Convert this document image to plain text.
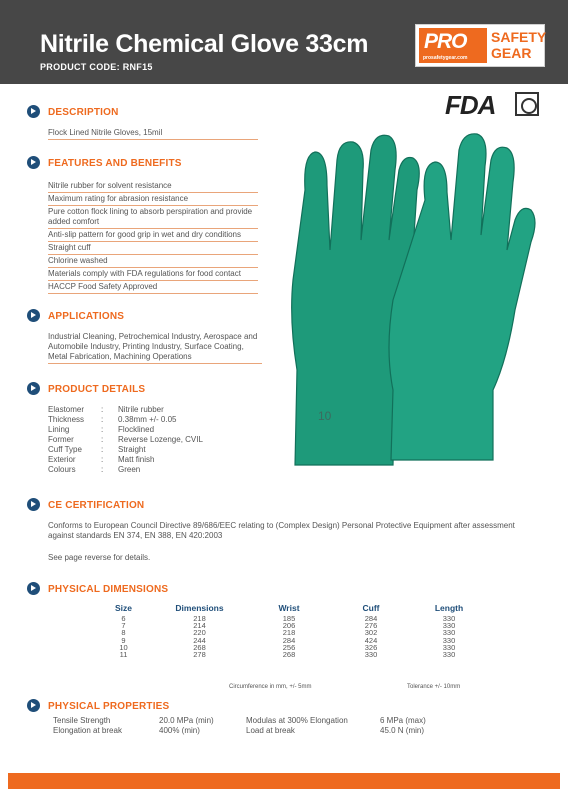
Nitrile Chemical Glove 33cm
PRODUCT CODE: RNF15
PRO
prosafetygear.com
SAFETY
GEAR
FDA
DESCRIPTION
Flock Lined Nitrile Gloves, 15mil
FEATURES AND BENEFITS
Nitrile rubber for solvent resistance
Maximum rating for abrasion resistance
Pure cotton flock lining to absorb perspiration and provide added comfort
Anti-slip pattern for good grip in wet and dry conditions
Straight cuff
Chlorine washed
Materials comply with FDA regulations for food contact
HACCP Food Safety Approved
APPLICATIONS
Industrial Cleaning, Petrochemical Industry, Aerospace and Automobile Industry, Printing Industry, Surface Coating, Metal Fabrication, Machining Operations
PRODUCT DETAILS
Elastomer	:	Nitrile rubber
Thickness	:	0.38mm +/- 0.05
Lining	:	Flocklined
Former	:	Reverse Lozenge, CVIL
Cuff Type	:	Straight
Exterior	:	Matt finish
Colours	:	Green
10
CE CERTIFICATION
Conforms to European Council Directive 89/686/EEC relating to (Complex Design) Personal Protective Equipment after assessment against standards EN 374, EN 388, EN 420:2003
See page reverse for details.
PHYSICAL DIMENSIONS
Size	Dimensions	Wrist	Cuff	Length
6	218	185	284	330
7	214	206	276	330
8	220	218	302	330
9	244	284	424	330
10	268	256	326	330
11	278	268	330	330
Circumference in mm, +/- 5mm	Tolerance +/- 10mm
PHYSICAL PROPERTIES
Tensile Strength	20.0 MPa (min)	Modulas at 300% Elongation	6 MPa (max)
Elongation at break	400% (min)	Load at break	45.0 N (min)
